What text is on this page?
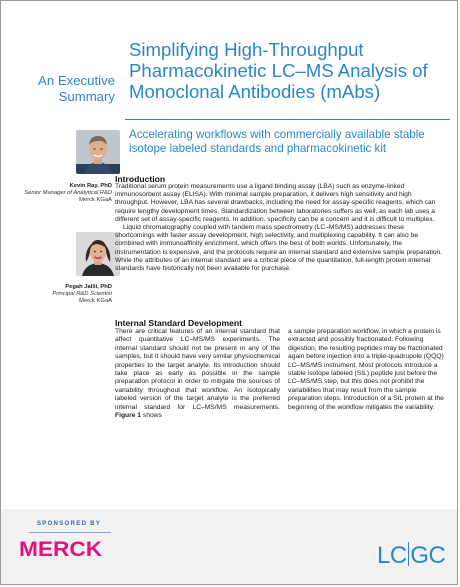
An Executive
Summary
Simplifying High-Throughput Pharmacokinetic LC–MS Analysis of Monoclonal Antibodies (mAbs)
Accelerating workflows with commercially available stable isotope labeled standards and pharmacokinetic kit
Kevin Ray, PhD
Senior Manager of Analytical R&D
Merck KGaA
Pegah Jalili, PhD
Principal R&D Scientist
Merck KGaA
Introduction

Traditional serum protein measurements use a ligand binding assay (LBA) such as enzyme-linked immunosorbent assay (ELISA). With minimal sample preparation, it delivers high sensitivity and high throughput. However, LBA has several drawbacks, including the need for assay-specific reagents, which can require lengthy development times. Standardization between laboratories suffers as well, as each lab uses a different set of assay-specific reagents. In addition, specificity can be a concern and it is difficult to multiplex.

Liquid chromatography coupled with tandem mass spectrometry (LC–MS/MS) addresses these shortcomings with faster assay development, high selectivity, and multiplexing capability. It can also be combined with immunoaffinity enrichment, which offers the best of both worlds. Unfortunately, the instrumentation is expensive, and the protocols require an internal standard and extensive sample preparation. While the attributes of an internal standard are a critical piece of the quantitation, full-length protein internal standards have historically not been available for purchase.

Internal Standard Development
There are critical features of an internal standard that affect quantitative LC–MS/MS experiments. The internal standard should not be present in any of the samples, but it should have very similar physiochemical properties to the target analyte. Its introduction should take place as early as possible in the sample preparation protocol in order to mitigate the sources of variability throughout that workflow. An isotopically labeled version of the target analyte is the preferred internal standard for LC–MS/MS measurements. Figure 1 shows
a sample preparation workflow, in which a protein is extracted and possibly fractionated. Following digestion, the resulting peptides may be fractionated again before injection into a triple-quadrupole (QQQ) LC–MS/MS instrument. Most protocols introduce a stable isotope labeled (SIL) peptide just before the LC–MS/MS step, but this does not prohibit the variabilities that may result from the sample preparation steps. Introduction of a SIL protein at the beginning of the workflow mitigates the variability.
SPONSORED BY
MERCK	LC GC
